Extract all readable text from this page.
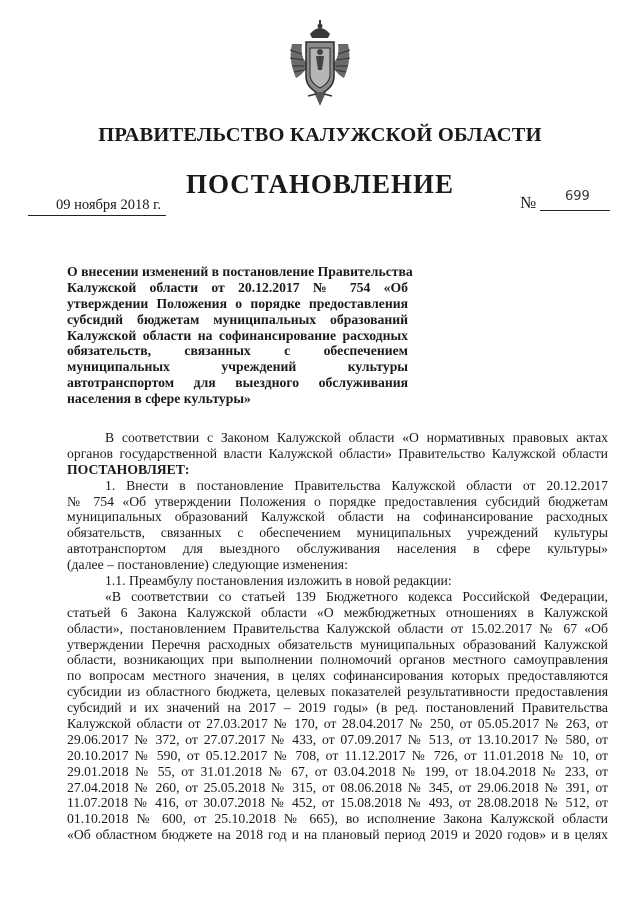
ПРАВИТЕЛЬСТВО КАЛУЖСКОЙ ОБЛАСТИ
ПОСТАНОВЛЕНИЕ
09 ноября 2018 г.	№ 699
О внесении изменений в постановление Правительства
Калужской области от 20.12.2017 № 754 «Об
утверждении Положения о порядке предоставления
субсидий бюджетам муниципальных образований
Калужской области на софинансирование расходных
обязательств, связанных с обеспечением
муниципальных учреждений культуры
автотранспортом для выездного обслуживания
населения в сфере культуры»
В соответствии с Законом Калужской области «О нормативных правовых актах
органов государственной власти Калужской области» Правительство Калужской области
ПОСТАНОВЛЯЕТ:
1. Внести в постановление Правительства Калужской области от 20.12.2017
№ 754 «Об утверждении Положения о порядке предоставления субсидий бюджетам
муниципальных образований Калужской области на софинансирование расходных
обязательств, связанных с обеспечением муниципальных учреждений культуры
автотранспортом для выездного обслуживания населения в сфере культуры»
(далее – постановление) следующие изменения:
1.1. Преамбулу постановления изложить в новой редакции:
«В соответствии со статьей 139 Бюджетного кодекса Российской Федерации,
статьей 6 Закона Калужской области «О межбюджетных отношениях в Калужской
области», постановлением Правительства Калужской области от 15.02.2017 № 67 «Об
утверждении Перечня расходных обязательств муниципальных образований Калужской
области, возникающих при выполнении полномочий органов местного самоуправления
по вопросам местного значения, в целях софинансирования которых предоставляются
субсидии из областного бюджета, целевых показателей результативности предоставления
субсидий и их значений на 2017 – 2019 годы» (в ред. постановлений Правительства
Калужской области от 27.03.2017 № 170, от 28.04.2017 № 250, от 05.05.2017 № 263, от
29.06.2017 № 372, от 27.07.2017 № 433, от 07.09.2017 № 513, от 13.10.2017 № 580, от
20.10.2017 № 590, от 05.12.2017 № 708, от 11.12.2017 № 726, от 11.01.2018 № 10, от
29.01.2018 № 55, от 31.01.2018 № 67, от 03.04.2018 № 199, от 18.04.2018 № 233, от
27.04.2018 № 260, от 25.05.2018 № 315, от 08.06.2018 № 345, от 29.06.2018 № 391, от
11.07.2018 № 416, от 30.07.2018 № 452, от 15.08.2018 № 493, от 28.08.2018 № 512, от
01.10.2018 № 600, от 25.10.2018 № 665), во исполнение Закона Калужской области
«Об областном бюджете на 2018 год и на плановый период 2019 и 2020 годов» и в целях
